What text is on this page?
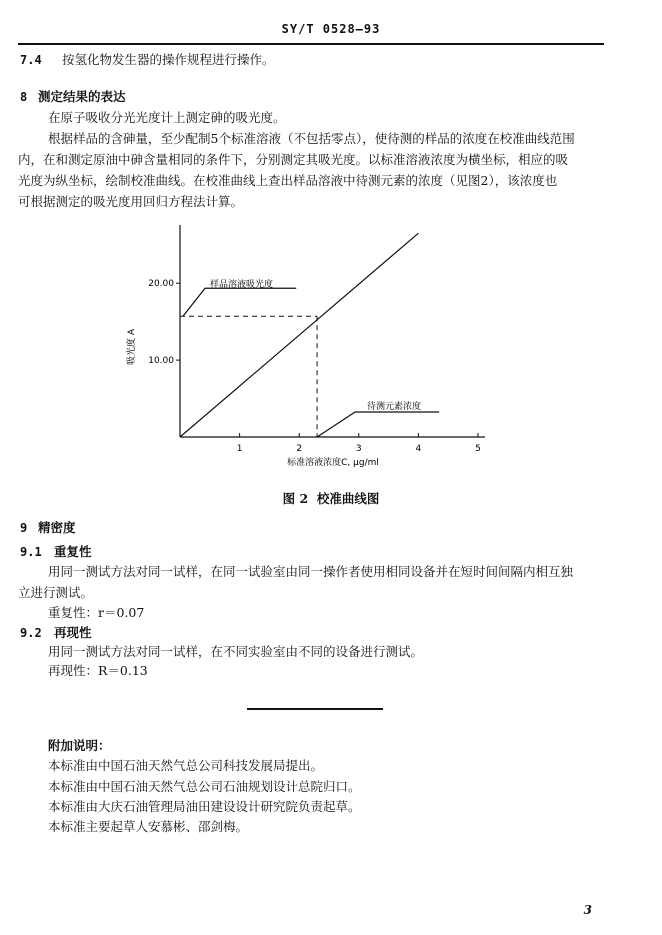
SY/T 0528—93
7.4 按氢化物发生器的操作规程进行操作。
8 测定结果的表达
在原子吸收分光光度计上测定砷的吸光度。
根据样品的含砷量，至少配制5个标准溶液（不包括零点），使待测的样品的浓度在校准曲线范围
内，在和测定原油中砷含量相同的条件下，分别测定其吸光度。以标准溶液浓度为横坐标，相应的吸
光度为纵坐标，绘制校准曲线。在校准曲线上查出样品溶液中待测元素的浓度（见图2），该浓度也
可根据测定的吸光度用回归方程法计算。
1	2	3	4	5
10.00
20.00	样品溶液吸光度
待测元素浓度
吸光度 A
标准溶液浓度C, μg/ml
图 2  校准曲线图
9 精密度
9.1 重复性
用同一测试方法对同一试样，在同一试验室由同一操作者使用相同设备并在短时间间隔内相互独
立进行测试。
重复性：r＝0.07
9.2 再现性
用同一测试方法对同一试样，在不同实验室由不同的设备进行测试。
再现性：R＝0.13
附加说明：
本标准由中国石油天然气总公司科技发展局提出。
本标准由中国石油天然气总公司石油规划设计总院归口。
本标准由大庆石油管理局油田建设设计研究院负责起草。
本标准主要起草人安慕彬、邵剑梅。
3
